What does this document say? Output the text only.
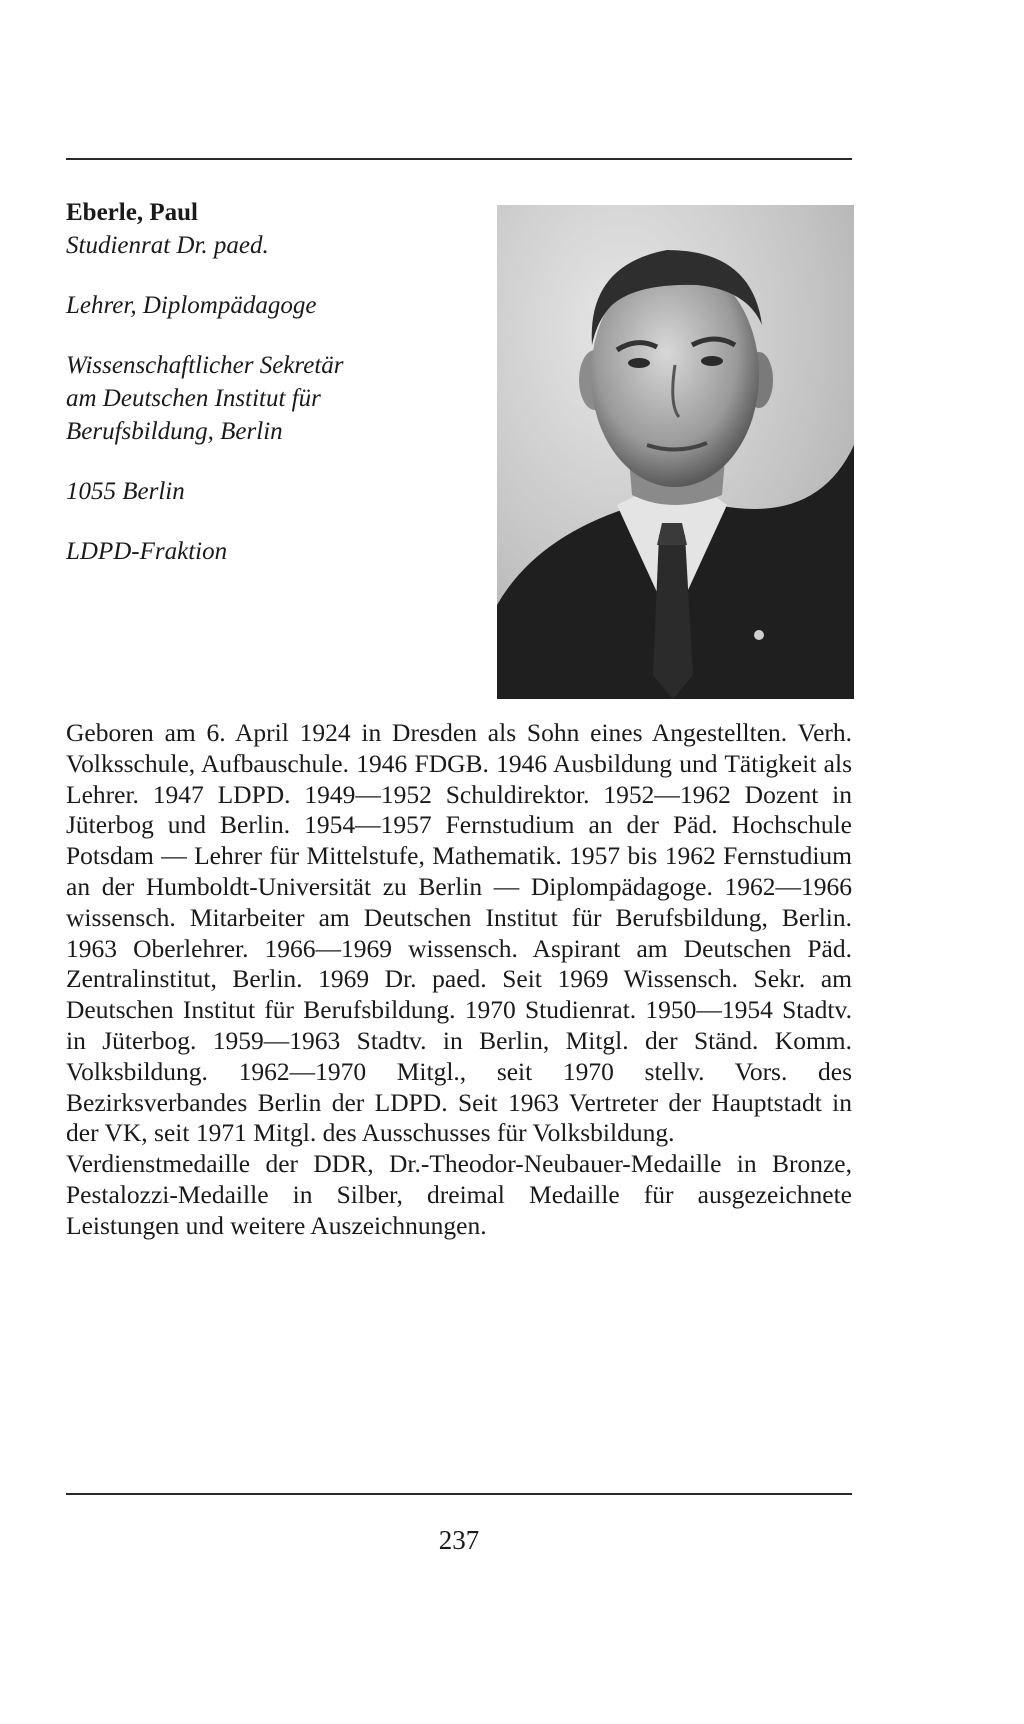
Eberle, Paul
Studienrat Dr. paed.
Lehrer, Diplompädagoge
Wissenschaftlicher Sekretär
am Deutschen Institut für
Berufsbildung, Berlin
1055 Berlin
LDPD-Fraktion

Geboren am 6. April 1924 in Dresden als Sohn eines Angestellten. Verh. Volksschule, Aufbauschule. 1946 FDGB. 1946 Ausbildung und Tätigkeit als Lehrer. 1947 LDPD. 1949—1952 Schuldirektor. 1952—1962 Dozent in Jüterbog und Berlin. 1954—1957 Fernstudium an der Päd. Hochschule Potsdam — Lehrer für Mittelstufe, Mathematik. 1957 bis 1962 Fernstudium an der Humboldt-Universität zu Berlin — Diplompädagoge. 1962—1966 wissensch. Mitarbeiter am Deutschen Institut für Berufsbildung, Berlin. 1963 Oberlehrer. 1966—1969 wissensch. Aspirant am Deutschen Päd. Zentralinstitut, Berlin. 1969 Dr. paed. Seit 1969 Wissensch. Sekr. am Deutschen Institut für Berufsbildung. 1970 Studienrat. 1950—1954 Stadtv. in Jüterbog. 1959—1963 Stadtv. in Berlin, Mitgl. der Ständ. Komm. Volksbildung. 1962—1970 Mitgl., seit 1970 stellv. Vors. des Bezirksverbandes Berlin der LDPD. Seit 1963 Vertreter der Hauptstadt in der VK, seit 1971 Mitgl. des Ausschusses für Volksbildung.

Verdienstmedaille der DDR, Dr.-Theodor-Neubauer-Medaille in Bronze, Pestalozzi-Medaille in Silber, dreimal Medaille für ausgezeichnete Leistungen und weitere Auszeichnungen.

237
